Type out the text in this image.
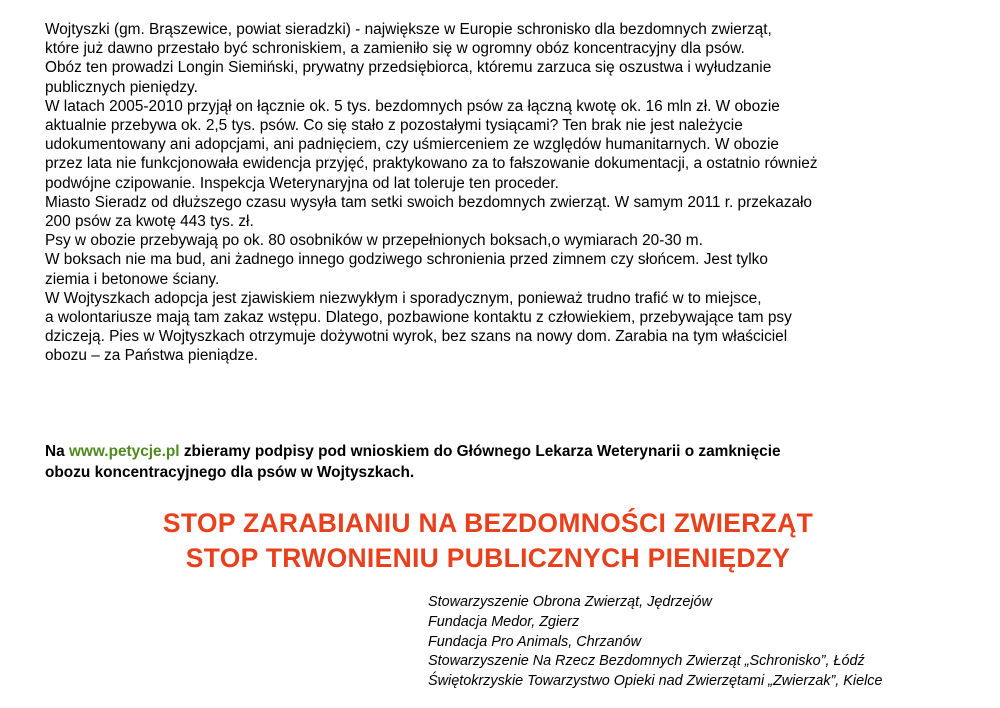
Wojtyszki (gm. Brąszewice, powiat sieradzki) - największe w Europie schronisko dla bezdomnych zwierząt,
które już dawno przestało być schroniskiem, a zamieniło się w ogromny obóz koncentracyjny dla psów.
Obóz ten prowadzi Longin Siemiński, prywatny przedsiębiorca, któremu zarzuca się oszustwa i wyłudzanie
publicznych pieniędzy.
W latach 2005-2010 przyjął on łącznie ok. 5 tys. bezdomnych psów za łączną kwotę ok. 16 mln zł. W obozie
aktualnie przebywa ok. 2,5 tys. psów. Co się stało z pozostałymi tysiącami? Ten brak nie jest należycie
udokumentowany ani adopcjami, ani padnięciem, czy uśmierceniem ze względów humanitarnych. W obozie
przez lata nie funkcjonowała ewidencja przyjęć, praktykowano za to fałszowanie dokumentacji, a ostatnio również
podwójne czipowanie. Inspekcja Weterynaryjna od lat toleruje ten proceder.
Miasto Sieradz od dłuższego czasu wysyła tam setki swoich bezdomnych zwierząt. W samym 2011 r. przekazało
200 psów za kwotę 443 tys. zł.
Psy w obozie przebywają po ok. 80 osobników w przepełnionych boksach,o wymiarach 20-30 m.
W boksach nie ma bud, ani żadnego innego godziwego schronienia przed zimnem czy słońcem. Jest tylko
ziemia i betonowe ściany.
W Wojtyszkach adopcja jest zjawiskiem niezwykłym i sporadycznym, ponieważ trudno trafić w to miejsce,
a wolontariusze mają tam zakaz wstępu. Dlatego, pozbawione kontaktu z człowiekiem, przebywające tam psy
dziczeją. Pies w Wojtyszkach otrzymuje dożywotni wyrok, bez szans na nowy dom. Zarabia na tym właściciel
obozu – za Państwa pieniądze.
Na www.petycje.pl zbieramy podpisy pod wnioskiem do Głównego Lekarza Weterynarii o zamknięcie
obozu koncentracyjnego dla psów w Wojtyszkach.
STOP ZARABIANIU NA BEZDOMNOŚCI ZWIERZĄT
STOP TRWONIENIU PUBLICZNYCH PIENIĘDZY
Stowarzyszenie Obrona Zwierząt, Jędrzejów
Fundacja Medor, Zgierz
Fundacja Pro Animals, Chrzanów
Stowarzyszenie Na Rzecz Bezdomnych Zwierząt „Schronisko”, Łódź
Świętokrzyskie Towarzystwo Opieki nad Zwierzętami „Zwierzak”, Kielce
